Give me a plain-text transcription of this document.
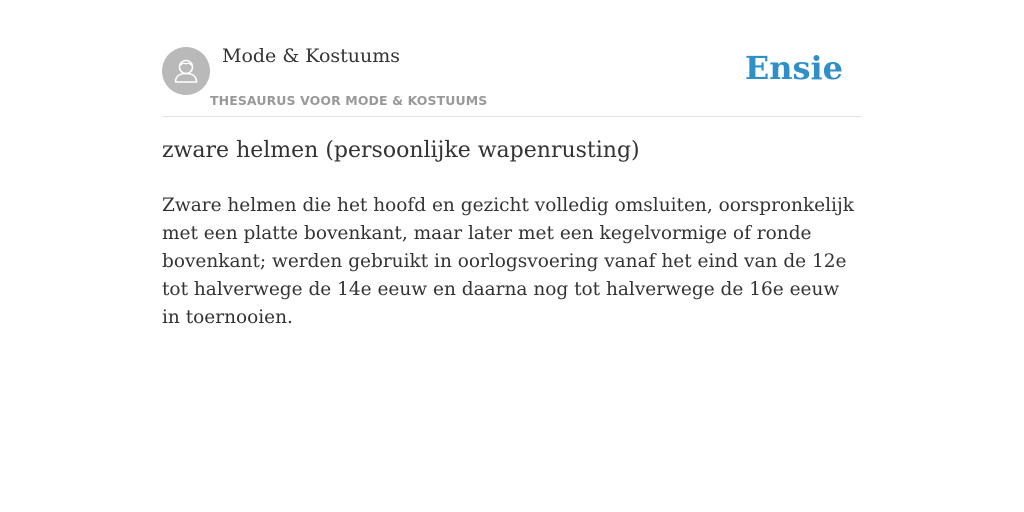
Mode & Kostuums
THESAURUS VOOR MODE & KOSTUUMS
Ensie
zware helmen (persoonlijke wapenrusting)

Zware helmen die het hoofd en gezicht volledig omsluiten, oorspronkelijk met een platte bovenkant, maar later met een kegelvormige of ronde bovenkant; werden gebruikt in oorlogsvoering vanaf het eind van de 12e tot halverwege de 14e eeuw en daarna nog tot halverwege de 16e eeuw in toernooien.
